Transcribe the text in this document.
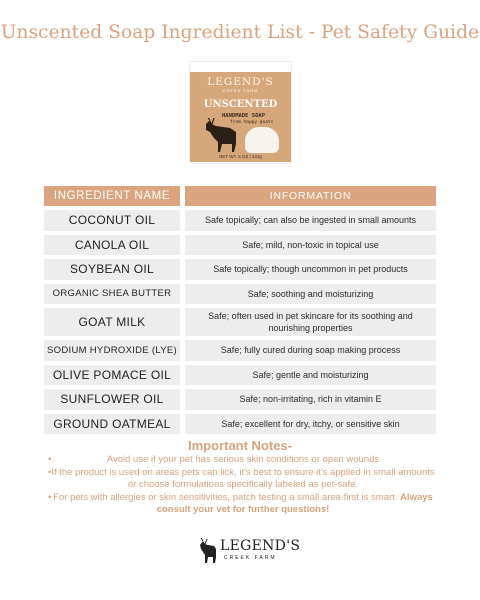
Unscented Soap Ingredient List - Pet Safety Guide
LEGEND'S
CREEK FARM
UNSCENTED
HANDMADE SOAP
from happy goats
NET WT. 5 OZ | 141g
INGREDIENT NAME		INFORMATION
COCONUT OIL		Safe topically; can also be ingested in small amounts
CANOLA OIL		Safe; mild, non-toxic in topical use
SOYBEAN OIL		Safe topically; though uncommon in pet products
ORGANIC SHEA BUTTER		Safe; soothing and moisturizing
GOAT MILK		Safe; often used in pet skincare for its soothing and nourishing properties
SODIUM HYDROXIDE (LYE)		Safe; fully cured during soap making process
OLIVE POMACE OIL		Safe; gentle and moisturizing
SUNFLOWER OIL		Safe; non-irritating, rich in vitamin E
GROUND OATMEAL		Safe; excellent for dry, itchy, or sensitive skin
Important Notes-
•	Avoid use if your pet has serious skin conditions or open wounds
• If the product is used on areas pets can lick, it's best to ensure it's applied in small amounts or choose formulations specifically labeled as pet-safe.
• For pets with allergies or skin sensitivities, patch testing a small area first is smart. Always consult your vet for further questions!
LEGEND'S
CREEK FARM
